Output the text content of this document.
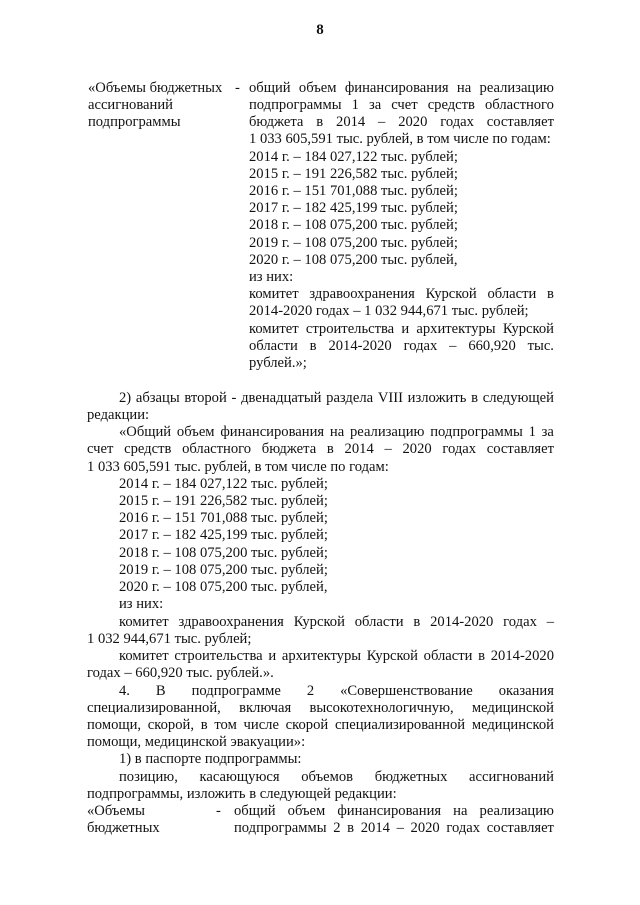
8
«Объемы бюджетных - общий объем финансирования на реализацию
ассигнований	подпрограммы 1 за счет средств областного
подпрограммы	бюджета в 2014 – 2020 годах составляет
1 033 605,591 тыс. рублей, в том числе по годам:
2014 г. – 184 027,122 тыс. рублей;
2015 г. – 191 226,582 тыс. рублей;
2016 г. – 151 701,088 тыс. рублей;
2017 г. – 182 425,199 тыс. рублей;
2018 г. – 108 075,200 тыс. рублей;
2019 г. – 108 075,200 тыс. рублей;
2020 г. – 108 075,200 тыс. рублей,
из них:
комитет здравоохранения Курской области в
2014-2020 годах – 1 032 944,671 тыс. рублей;
комитет строительства и архитектуры Курской
области в 2014-2020 годах – 660,920 тыс.
рублей.»;
2) абзацы второй - двенадцатый раздела VIII изложить в следующей
редакции:
«Общий объем финансирования на реализацию подпрограммы 1 за
счет средств областного бюджета в 2014 – 2020 годах составляет
1 033 605,591 тыс. рублей, в том числе по годам:
2014 г. – 184 027,122 тыс. рублей;
2015 г. – 191 226,582 тыс. рублей;
2016 г. – 151 701,088 тыс. рублей;
2017 г. – 182 425,199 тыс. рублей;
2018 г. – 108 075,200 тыс. рублей;
2019 г. – 108 075,200 тыс. рублей;
2020 г. – 108 075,200 тыс. рублей,
из них:
комитет здравоохранения Курской области в 2014-2020 годах –
1 032 944,671 тыс. рублей;
комитет строительства и архитектуры Курской области в 2014-2020
годах – 660,920 тыс. рублей.».
4. В подпрограмме 2 «Совершенствование оказания
специализированной, включая высокотехнологичную, медицинской
помощи, скорой, в том числе скорой специализированной медицинской
помощи, медицинской эвакуации»:
1) в паспорте подпрограммы:
позицию, касающуюся объемов бюджетных ассигнований
подпрограммы, изложить в следующей редакции:
«Объемы	- общий объем финансирования на реализацию
бюджетных	подпрограммы 2 в 2014 – 2020 годах составляет
